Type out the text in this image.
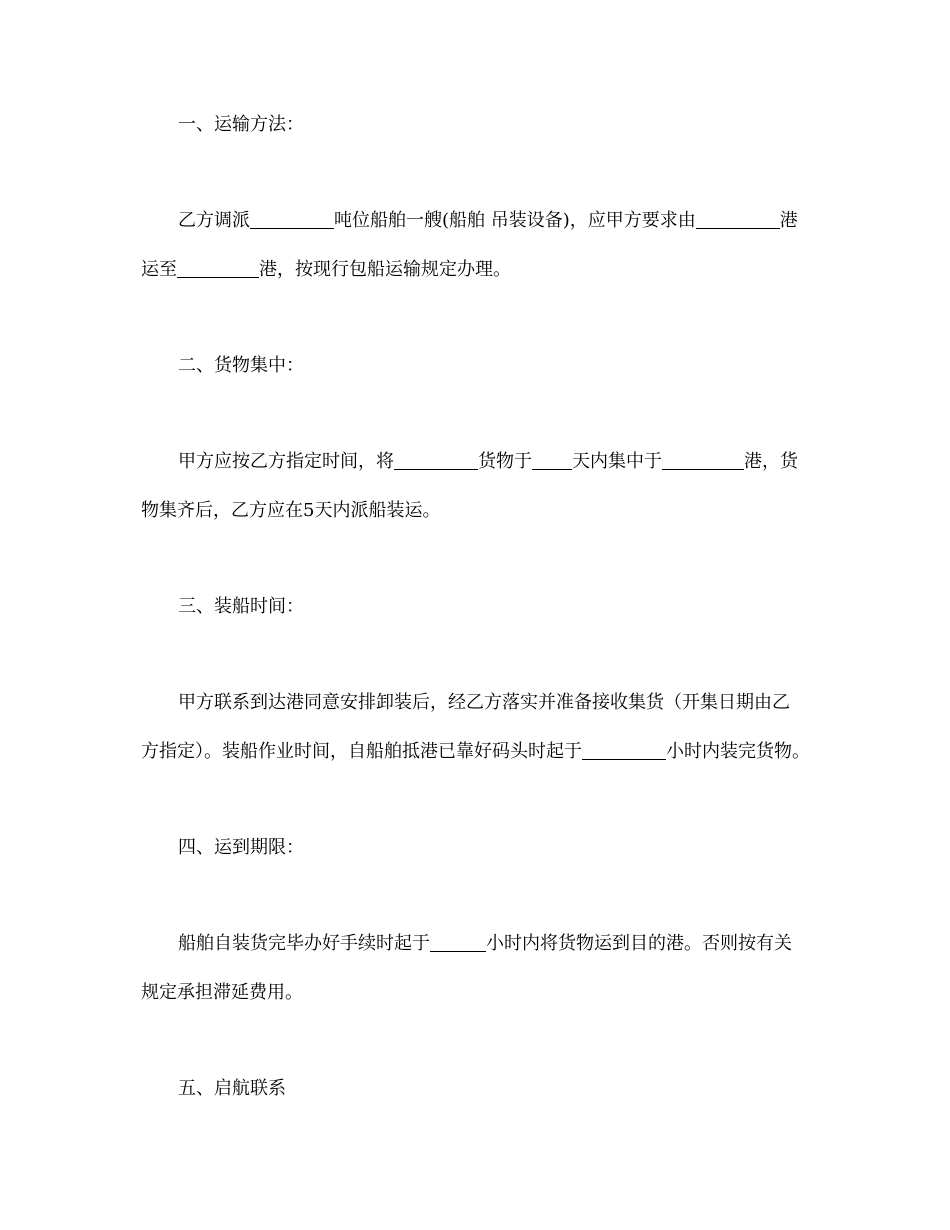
一、运输方法：
乙方调派	吨位船舶一艘(船舶 吊装设备)，应甲方要求由	港
运至	港，按现行包船运输规定办理。
二、货物集中：
甲方应按乙方指定时间，将	货物于 天内集中于	港，货
物集齐后，乙方应在5天内派船装运。
三、装船时间：
甲方联系到达港同意安排卸装后，经乙方落实并准备接收集货（开集日期由乙
方指定）。装船作业时间，自船舶抵港已靠好码头时起于	小时内装完货物。
四、运到期限：
船舶自装货完毕办好手续时起于	小时内将货物运到目的港。否则按有关
规定承担滞延费用。
五、启航联系
